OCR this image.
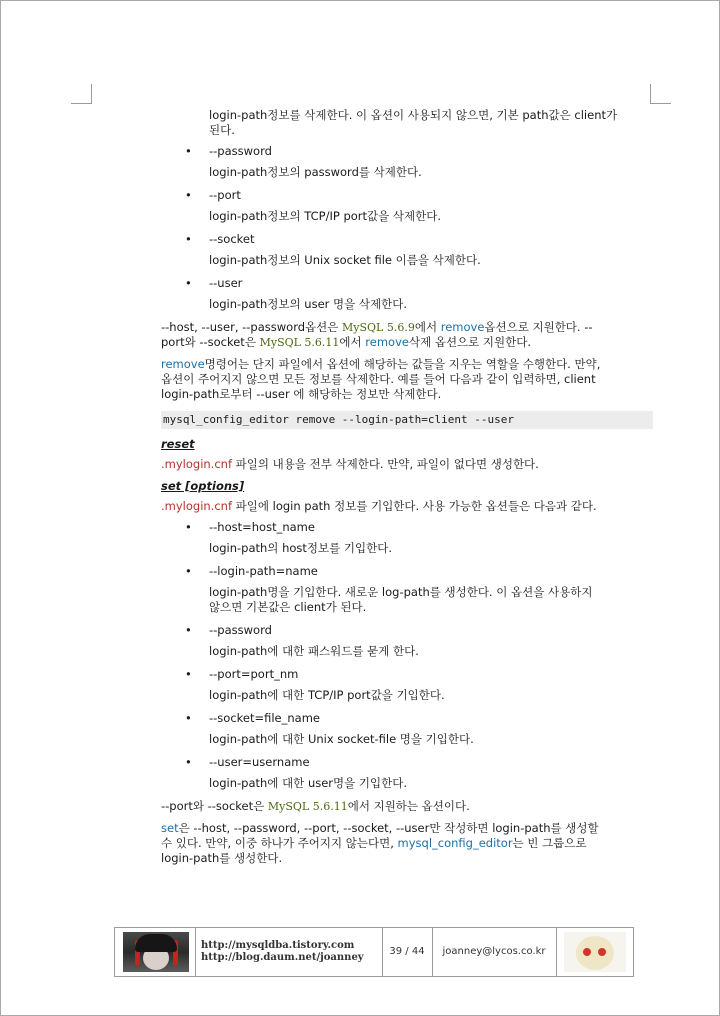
login-path정보를 삭제한다. 이 옵션이 사용되지 않으면, 기본 path값은 client가
된다.
• --password
login-path정보의 password를 삭제한다.
• --port
login-path정보의 TCP/IP port값을 삭제한다.
• --socket
login-path정보의 Unix socket file 이름을 삭제한다.
• --user
login-path정보의 user 명을 삭제한다.
--host, --user, --password옵션은 MySQL 5.6.9에서 remove옵션으로 지원한다. --
port와 --socket은 MySQL 5.6.11에서 remove삭제 옵션으로 지원한다.
remove명령어는 단지 파일에서 옵션에 해당하는 값들을 지우는 역할을 수행한다. 만약,
옵션이 주어지지 않으면 모든 정보를 삭제한다. 예를 들어 다음과 같이 입력하면, client
login-path로부터 --user 에 해당하는 정보만 삭제한다.
mysql_config_editor remove --login-path=client --user
reset
.mylogin.cnf 파일의 내용을 전부 삭제한다. 만약, 파일이 없다면 생성한다.
set [options]
.mylogin.cnf 파일에 login path 정보를 기입한다. 사용 가능한 옵션들은 다음과 같다.
• --host=host_name
login-path의 host정보를 기입한다.
• --login-path=name
login-path명을 기입한다. 새로운 log-path를 생성한다. 이 옵션을 사용하지
않으면 기본값은 client가 된다.
• --password
login-path에 대한 패스워드를 묻게 한다.
• --port=port_nm
login-path에 대한 TCP/IP port값을 기입한다.
• --socket=file_name
login-path에 대한 Unix socket-file 명을 기입한다.
• --user=username
login-path에 대한 user명을 기입한다.
--port와 --socket은 MySQL 5.6.11에서 지원하는 옵션이다.
set은 --host, --password, --port, --socket, --user만 작성하면 login-path를 생성할
수 있다. 만약, 이중 하나가 주어지지 않는다면, mysql_config_editor는 빈 그룹으로
login-path를 생성한다.
http://mysqldba.tistory.com
http://blog.daum.net/joanney
39 / 44	joanney@lycos.co.kr
